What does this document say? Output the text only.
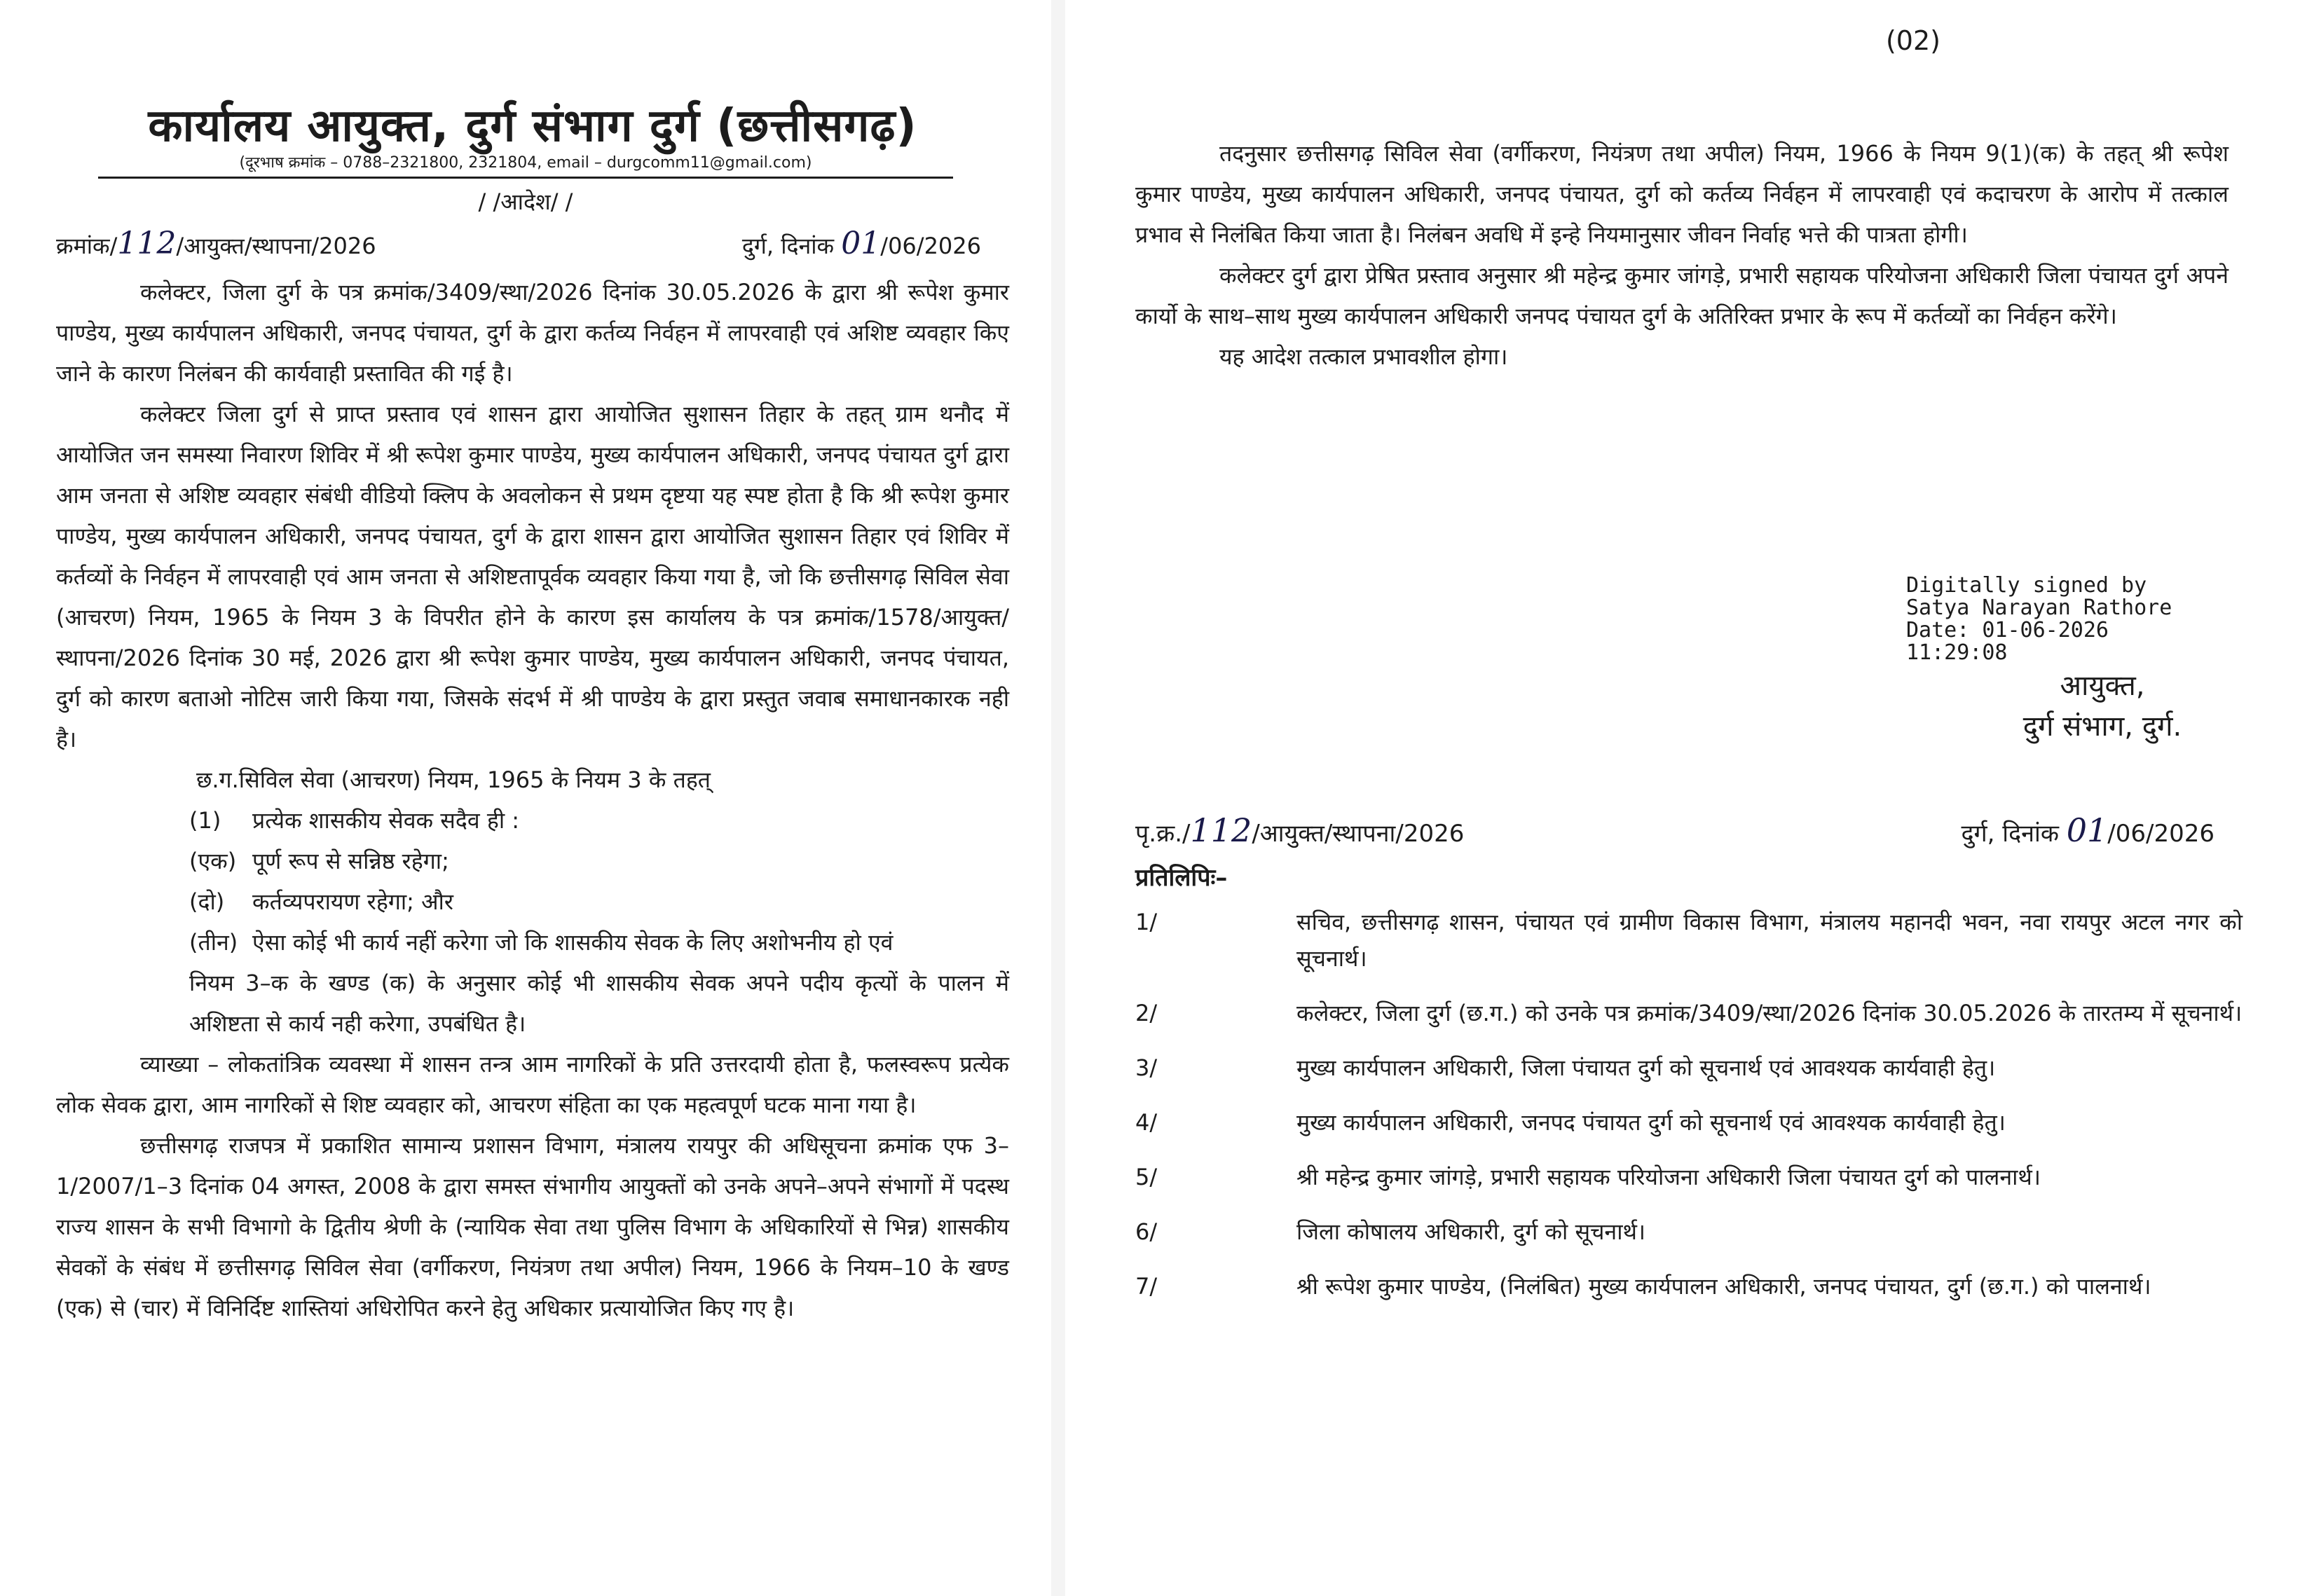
कार्यालय आयुक्त, दुर्ग संभाग दुर्ग (छत्तीसगढ़)
(दूरभाष क्रमांक – 0788–2321800, 2321804, email – durgcomm11@gmail.com)
/ /आदेश/ /
क्रमांक/112/आयुक्त/स्थापना/2026	दुर्ग, दिनांक 01/06/2026

कलेक्टर, जिला दुर्ग के पत्र क्रमांक/3409/स्था/2026 दिनांक 30.05.2026 के द्वारा श्री रूपेश कुमार पाण्डेय, मुख्य कार्यपालन अधिकारी, जनपद पंचायत, दुर्ग के द्वारा कर्तव्य निर्वहन में लापरवाही एवं अशिष्ट व्यवहार किए जाने के कारण निलंबन की कार्यवाही प्रस्तावित की गई है।

कलेक्टर जिला दुर्ग से प्राप्त प्रस्ताव एवं शासन द्वारा आयोजित सुशासन तिहार के तहत् ग्राम थनौद में आयोजित जन समस्या निवारण शिविर में श्री रूपेश कुमार पाण्डेय, मुख्य कार्यपालन अधिकारी, जनपद पंचायत दुर्ग द्वारा आम जनता से अशिष्ट व्यवहार संबंधी वीडियो क्लिप के अवलोकन से प्रथम दृष्टया यह स्पष्ट होता है कि श्री रूपेश कुमार पाण्डेय, मुख्य कार्यपालन अधिकारी, जनपद पंचायत, दुर्ग के द्वारा शासन द्वारा आयोजित सुशासन तिहार एवं शिविर में कर्तव्यों के निर्वहन में लापरवाही एवं आम जनता से अशिष्टतापूर्वक व्यवहार किया गया है, जो कि छत्तीसगढ़ सिविल सेवा (आचरण) नियम, 1965 के नियम 3 के विपरीत होने के कारण इस कार्यालय के पत्र क्रमांक/1578/आयुक्त/स्थापना/2026 दिनांक 30 मई, 2026 द्वारा श्री रूपेश कुमार पाण्डेय, मुख्य कार्यपालन अधिकारी, जनपद पंचायत, दुर्ग को कारण बताओ नोटिस जारी किया गया, जिसके संदर्भ में श्री पाण्डेय के द्वारा प्रस्तुत जवाब समाधानकारक नही है।

छ.ग.सिविल सेवा (आचरण) नियम, 1965 के नियम 3 के तहत्

(1)	प्रत्येक शासकीय सेवक सदैव ही :
(एक) पूर्ण रूप से सन्निष्ठ रहेगा;
(दो)	कर्तव्यपरायण रहेगा; और
(तीन) ऐसा कोई भी कार्य नहीं करेगा जो कि शासकीय सेवक के लिए अशोभनीय हो एवं

नियम 3–क के खण्ड (क) के अनुसार कोई भी शासकीय सेवक अपने पदीय कृत्यों के पालन में अशिष्टता से कार्य नही करेगा, उपबंधित है।

व्याख्या – लोकतांत्रिक व्यवस्था में शासन तन्त्र आम नागरिकों के प्रति उत्तरदायी होता है, फलस्वरूप प्रत्येक लोक सेवक द्वारा, आम नागरिकों से शिष्ट व्यवहार को, आचरण संहिता का एक महत्वपूर्ण घटक माना गया है।

छत्तीसगढ़ राजपत्र में प्रकाशित सामान्य प्रशासन विभाग, मंत्रालय रायपुर की अधिसूचना क्रमांक एफ 3–1/2007/1–3 दिनांक 04 अगस्त, 2008 के द्वारा समस्त संभागीय आयुक्तों को उनके अपने–अपने संभागों में पदस्थ राज्य शासन के सभी विभागो के द्वितीय श्रेणी के (न्यायिक सेवा तथा पुलिस विभाग के अधिकारियों से भिन्न) शासकीय सेवकों के संबंध में छत्तीसगढ़ सिविल सेवा (वर्गीकरण, नियंत्रण तथा अपील) नियम, 1966 के नियम–10 के खण्ड (एक) से (चार) में विनिर्दिष्ट शास्तियां अधिरोपित करने हेतु अधिकार प्रत्यायोजित किए गए है।

(02)

तदनुसार छत्तीसगढ़ सिविल सेवा (वर्गीकरण, नियंत्रण तथा अपील) नियम, 1966 के नियम 9(1)(क) के तहत् श्री रूपेश कुमार पाण्डेय, मुख्य कार्यपालन अधिकारी, जनपद पंचायत, दुर्ग को कर्तव्य निर्वहन में लापरवाही एवं कदाचरण के आरोप में तत्काल प्रभाव से निलंबित किया जाता है। निलंबन अवधि में इन्हे नियमानुसार जीवन निर्वाह भत्ते की पात्रता होगी।

कलेक्टर दुर्ग द्वारा प्रेषित प्रस्ताव अनुसार श्री महेन्द्र कुमार जांगड़े, प्रभारी सहायक परियोजना अधिकारी जिला पंचायत दुर्ग अपने कार्यो के साथ–साथ मुख्य कार्यपालन अधिकारी जनपद पंचायत दुर्ग के अतिरिक्त प्रभार के रूप में कर्तव्यों का निर्वहन करेंगे।

यह आदेश तत्काल प्रभावशील होगा।

Digitally signed by
Satya Narayan Rathore
Date: 01-06-2026
11:29:08
आयुक्त,
दुर्ग संभाग, दुर्ग.
पृ.क्र./112/आयुक्त/स्थापना/2026	दुर्ग, दिनांक 01/06/2026
प्रतिलिपिः–
1/	सचिव, छत्तीसगढ़ शासन, पंचायत एवं ग्रामीण विकास विभाग, मंत्रालय महानदी भवन, नवा रायपुर अटल नगर को सूचनार्थ।
2/	कलेक्टर, जिला दुर्ग (छ.ग.) को उनके पत्र क्रमांक/3409/स्था/2026 दिनांक 30.05.2026 के तारतम्य में सूचनार्थ।
3/	मुख्य कार्यपालन अधिकारी, जिला पंचायत दुर्ग को सूचनार्थ एवं आवश्यक कार्यवाही हेतु।
4/	मुख्य कार्यपालन अधिकारी, जनपद पंचायत दुर्ग को सूचनार्थ एवं आवश्यक कार्यवाही हेतु।
5/	श्री महेन्द्र कुमार जांगड़े, प्रभारी सहायक परियोजना अधिकारी जिला पंचायत दुर्ग को पालनार्थ।
6/	जिला कोषालय अधिकारी, दुर्ग को सूचनार्थ।
7/	श्री रूपेश कुमार पाण्डेय, (निलंबित) मुख्य कार्यपालन अधिकारी, जनपद पंचायत, दुर्ग (छ.ग.) को पालनार्थ।
